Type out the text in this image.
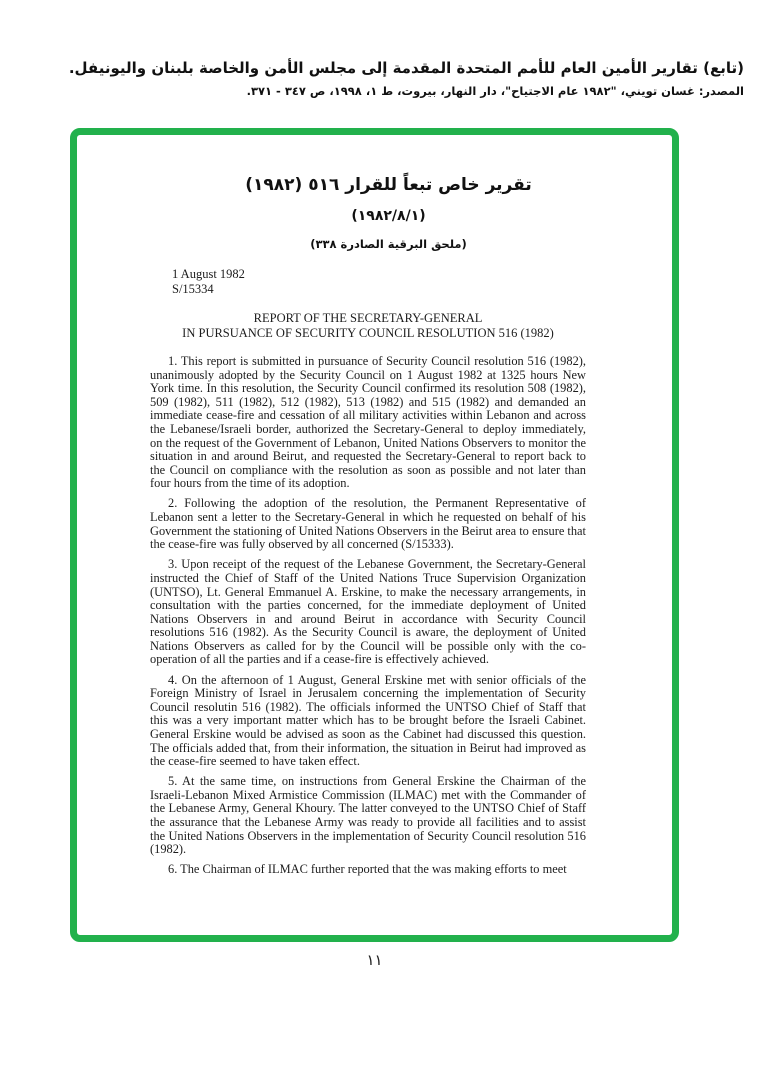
(تابع) تقارير الأمين العام للأمم المتحدة المقدمة إلى مجلس الأمن والخاصة بلبنان واليونيفل.
المصدر: غسان تويني، "١٩٨٢ عام الاجتياح"، دار النهار، بيروت، ط ١، ١٩٩٨، ص ٣٤٧ - ٣٧١.
تقرير خاص تبعاً للقرار ٥١٦ (١٩٨٢)
(١٩٨٢/٨/١)
(ملحق البرقية الصادرة ٣٣٨)
1 August 1982
S/15334
REPORT OF THE SECRETARY-GENERAL
IN PURSUANCE OF SECURITY COUNCIL RESOLUTION 516 (1982)

1. This report is submitted in pursuance of Security Council resolution 516 (1982), unanimously adopted by the Security Council on 1 August 1982 at 1325 hours New York time. In this resolution, the Security Council confirmed its resolution 508 (1982), 509 (1982), 511 (1982), 512 (1982), 513 (1982) and 515 (1982) and demanded an immediate cease-fire and cessation of all military activities within Lebanon and across the Lebanese/Israeli border, authorized the Secretary-General to deploy immediately, on the request of the Government of Lebanon, United Nations Observers to monitor the situation in and around Beirut, and requested the Secretary-General to report back to the Council on compliance with the resolution as soon as possible and not later than four hours from the time of its adoption.

2. Following the adoption of the resolution, the Permanent Representative of Lebanon sent a letter to the Secretary-General in which he requested on behalf of his Government the stationing of United Nations Observers in the Beirut area to ensure that the cease-fire was fully observed by all concerned (S/15333).

3. Upon receipt of the request of the Lebanese Government, the Secretary-General instructed the Chief of Staff of the United Nations Truce Supervision Organization (UNTSO), Lt. General Emmanuel A. Erskine, to make the necessary arrangements, in consultation with the parties concerned, for the immediate deployment of United Nations Observers in and around Beirut in accordance with Security Council resolutions 516 (1982). As the Security Council is aware, the deployment of United Nations Observers as called for by the Council will be possible only with the co-operation of all the parties and if a cease-fire is effectively achieved.

4. On the afternoon of 1 August, General Erskine met with senior officials of the Foreign Ministry of Israel in Jerusalem concerning the implementation of Security Council resolutin 516 (1982). The officials informed the UNTSO Chief of Staff that this was a very important matter which has to be brought before the Israeli Cabinet. General Erskine would be advised as soon as the Cabinet had discussed this question. The officials added that, from their information, the situation in Beirut had improved as the cease-fire seemed to have taken effect.

5. At the same time, on instructions from General Erskine the Chairman of the Israeli-Lebanon Mixed Armistice Commission (ILMAC) met with the Commander of the Lebanese Army, General Khoury. The latter conveyed to the UNTSO Chief of Staff the assurance that the Lebanese Army was ready to provide all facilities and to assist the United Nations Observers in the implementation of Security Council resolution 516 (1982).

6. The Chairman of ILMAC further reported that the was making efforts to meet

١١
